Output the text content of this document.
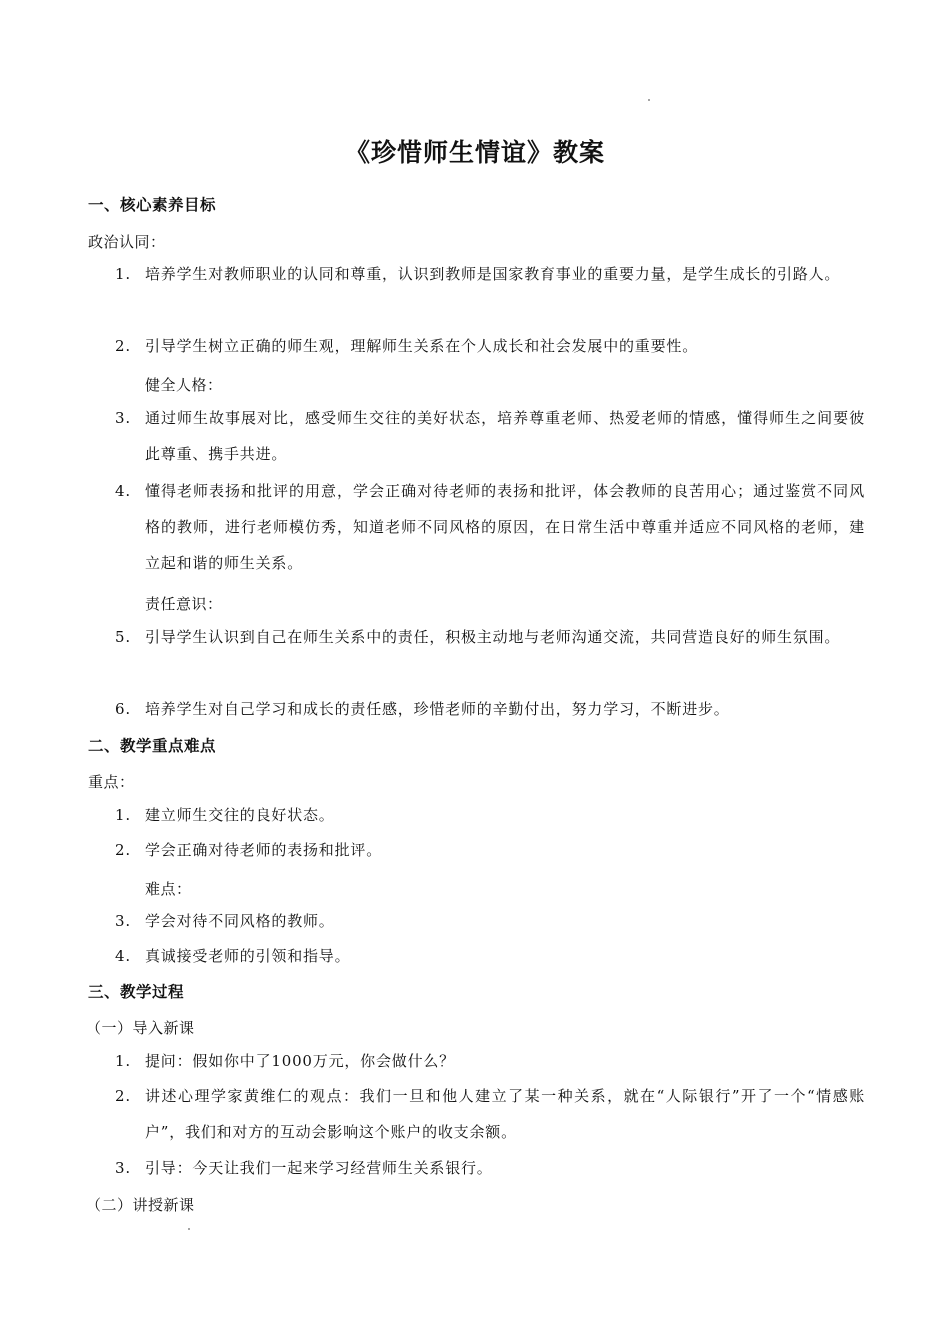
《珍惜师生情谊》教案
一、核心素养目标
政治认同：
1. 培养学生对教师职业的认同和尊重，认识到教师是国家教育事业的重要力量，是学生成长的引路人。
2. 引导学生树立正确的师生观，理解师生关系在个人成长和社会发展中的重要性。
健全人格：
3. 通过师生故事展对比，感受师生交往的美好状态，培养尊重老师、热爱老师的情感，懂得师生之间要彼此尊重、携手共进。
4. 懂得老师表扬和批评的用意，学会正确对待老师的表扬和批评，体会教师的良苦用心；通过鉴赏不同风格的教师，进行老师模仿秀，知道老师不同风格的原因，在日常生活中尊重并适应不同风格的老师，建立起和谐的师生关系。
责任意识：
5. 引导学生认识到自己在师生关系中的责任，积极主动地与老师沟通交流，共同营造良好的师生氛围。
6. 培养学生对自己学习和成长的责任感，珍惜老师的辛勤付出，努力学习，不断进步。
二、教学重点难点
重点：
1. 建立师生交往的良好状态。
2. 学会正确对待老师的表扬和批评。
难点：
3. 学会对待不同风格的教师。
4. 真诚接受老师的引领和指导。
三、教学过程
（一）导入新课
1. 提问：假如你中了1000万元，你会做什么？
2. 讲述心理学家黄维仁的观点：我们一旦和他人建立了某一种关系，就在“人际银行”开了一个“情感账户”，我们和对方的互动会影响这个账户的收支余额。
3. 引导：今天让我们一起来学习经营师生关系银行。
（二）讲授新课
